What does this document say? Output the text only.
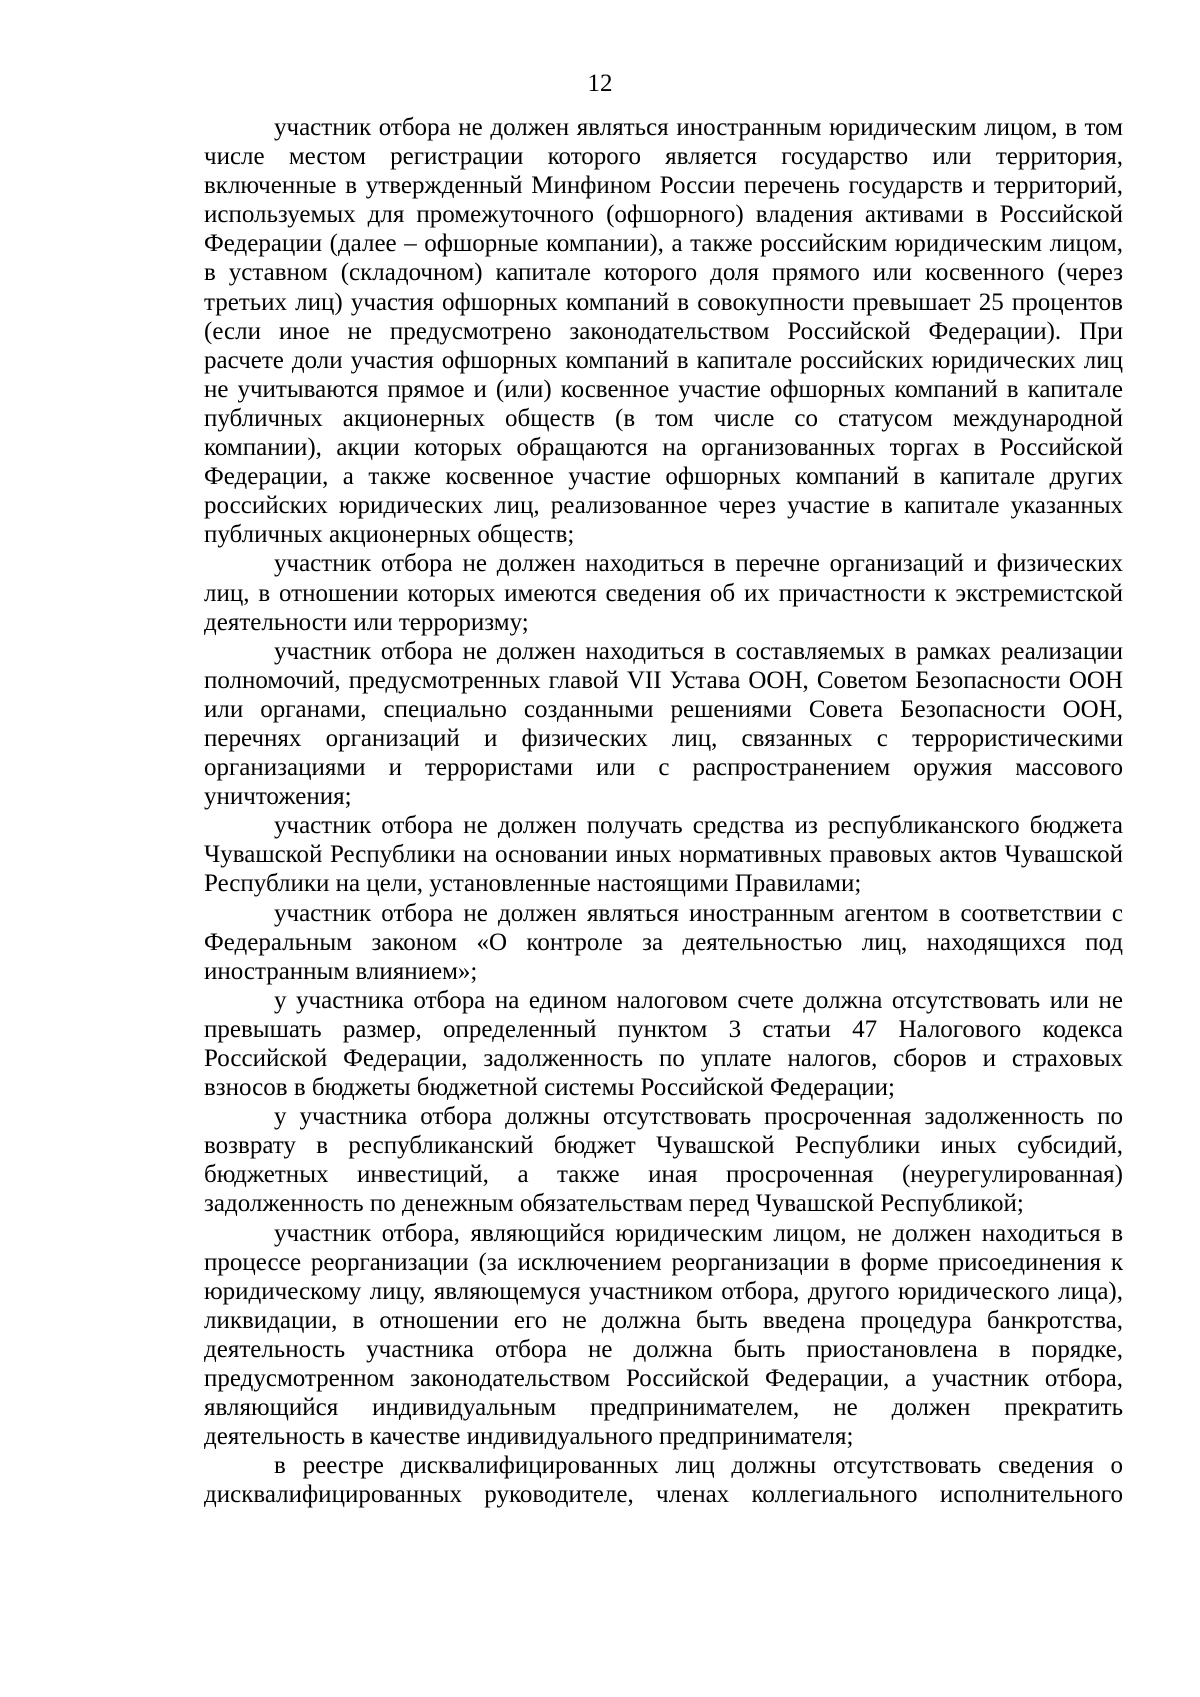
12

участник отбора не должен являться иностранным юридическим лицом, в том числе местом регистрации которого является государство или территория, включенные в утвержденный Минфином России перечень государств и территорий, используемых для промежуточного (офшорного) владения активами в Российской Федерации (далее – офшорные компании), а также российским юридическим лицом, в уставном (складочном) капитале которого доля прямого или косвенного (через третьих лиц) участия офшорных компаний в совокупности превышает 25 процентов (если иное не предусмотрено законодательством Российской Федерации). При расчете доли участия офшорных компаний в капитале российских юридических лиц не учитываются прямое и (или) косвенное участие офшорных компаний в капитале публичных акционерных обществ (в том числе со статусом международной компании), акции которых обращаются на организованных торгах в Российской Федерации, а также косвенное участие офшорных компаний в капитале других российских юридических лиц, реализованное через участие в капитале указанных публичных акционерных обществ;

участник отбора не должен находиться в перечне организаций и физических лиц, в отношении которых имеются сведения об их причастности к экстремистской деятельности или терроризму;

участник отбора не должен находиться в составляемых в рамках реализации полномочий, предусмотренных главой VII Устава ООН, Советом Безопасности ООН или органами, специально созданными решениями Совета Безопасности ООН, перечнях организаций и физических лиц, связанных с террористическими организациями и террористами или с распространением оружия массового уничтожения;

участник отбора не должен получать средства из республиканского бюджета Чувашской Республики на основании иных нормативных правовых актов Чувашской Республики на цели, установленные настоящими Правилами;

участник отбора не должен являться иностранным агентом в соответствии с Федеральным законом «О контроле за деятельностью лиц, находящихся под иностранным влиянием»;

у участника отбора на едином налоговом счете должна отсутствовать или не превышать размер, определенный пунктом 3 статьи 47 Налогового кодекса Российской Федерации, задолженность по уплате налогов, сборов и страховых взносов в бюджеты бюджетной системы Российской Федерации;

у участника отбора должны отсутствовать просроченная задолженность по возврату в республиканский бюджет Чувашской Республики иных субсидий, бюджетных инвестиций, а также иная просроченная (неурегулированная) задолженность по денежным обязательствам перед Чувашской Республикой;

участник отбора, являющийся юридическим лицом, не должен находиться в процессе реорганизации (за исключением реорганизации в форме присоединения к юридическому лицу, являющемуся участником отбора, другого юридического лица), ликвидации, в отношении его не должна быть введена процедура банкротства, деятельность участника отбора не должна быть приостановлена в порядке, предусмотренном законодательством Российской Федерации, а участник отбора, являющийся индивидуальным предпринимателем, не должен прекратить деятельность в качестве индивидуального предпринимателя;

в реестре дисквалифицированных лиц должны отсутствовать сведения о дисквалифицированных руководителе, членах коллегиального исполнительного
